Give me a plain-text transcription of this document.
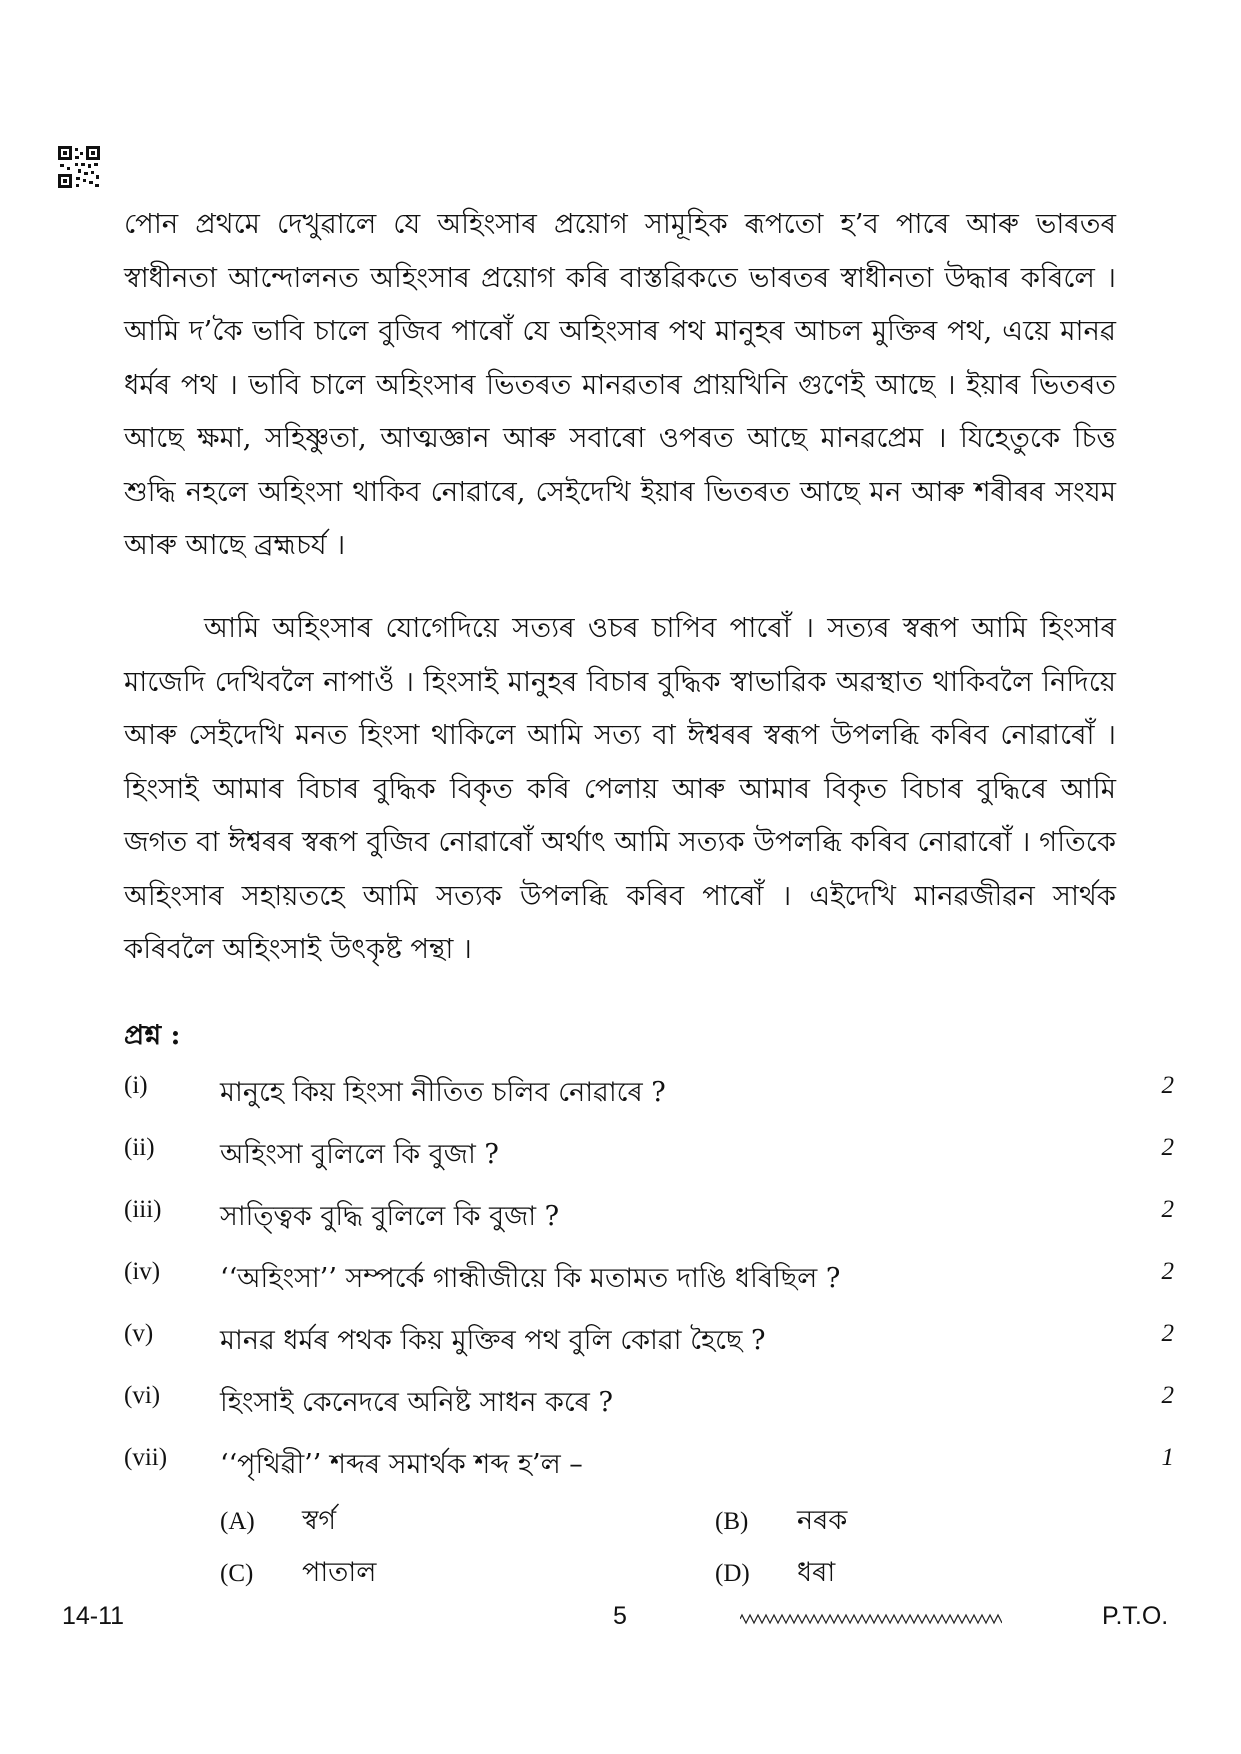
পোন প্ৰথমে দেখুৱালে যে অহিংসাৰ প্ৰয়োগ সামূহিক ৰূপতো হ’ব পাৰে আৰু ভাৰতৰ স্বাধীনতা আন্দোলনত অহিংসাৰ প্ৰয়োগ কৰি বাস্তৱিকতে ভাৰতৰ স্বাধীনতা উদ্ধাৰ কৰিলে । আমি দ’কৈ ভাবি চালে বুজিব পাৰোঁ যে অহিংসাৰ পথ মানুহৰ আচল মুক্তিৰ পথ, এয়ে মানৱ ধৰ্মৰ পথ । ভাবি চালে অহিংসাৰ ভিতৰত মানৱতাৰ প্ৰায়খিনি গুণেই আছে । ইয়াৰ ভিতৰত আছে ক্ষমা, সহিষ্ণুতা, আত্মজ্ঞান আৰু সবাৰো ওপৰত আছে মানৱপ্ৰেম । যিহেতুকে চিত্ত শুদ্ধি নহলে অহিংসা থাকিব নোৱাৰে, সেইদেখি ইয়াৰ ভিতৰত আছে মন আৰু শৰীৰৰ সংযম আৰু আছে ব্ৰহ্মচৰ্য ।

আমি অহিংসাৰ যোগেদিয়ে সত্যৰ ওচৰ চাপিব পাৰোঁ । সত্যৰ স্বৰূপ আমি হিংসাৰ মাজেদি দেখিবলৈ নাপাওঁ । হিংসাই মানুহৰ বিচাৰ বুদ্ধিক স্বাভাৱিক অৱস্থাত থাকিবলৈ নিদিয়ে আৰু সেইদেখি মনত হিংসা থাকিলে আমি সত্য বা ঈশ্বৰৰ স্বৰূপ উপলব্ধি কৰিব নোৱাৰোঁ । হিংসাই আমাৰ বিচাৰ বুদ্ধিক বিকৃত কৰি পেলায় আৰু আমাৰ বিকৃত বিচাৰ বুদ্ধিৰে আমি জগত বা ঈশ্বৰৰ স্বৰূপ বুজিব নোৱাৰোঁ অৰ্থাৎ আমি সত্যক উপলব্ধি কৰিব নোৱাৰোঁ । গতিকে অহিংসাৰ সহায়তহে আমি সত্যক উপলব্ধি কৰিব পাৰোঁ । এইদেখি মানৱজীৱন সাৰ্থক কৰিবলৈ অহিংসাই উৎকৃষ্ট পন্থা ।

প্ৰশ্ন :
(i)	মানুহে কিয় হিংসা নীতিত চলিব নোৱাৰে ?	2
(ii) অহিংসা বুলিলে কি বুজা ?	2
(iii) সাত্ত্বিক বুদ্ধি বুলিলে কি বুজা ?	2
(iv) ‘‘অহিংসা’’ সম্পৰ্কে গান্ধীজীয়ে কি মতামত দাঙি ধৰিছিল ?	2
(v) মানৱ ধৰ্মৰ পথক কিয় মুক্তিৰ পথ বুলি কোৱা হৈছে ?	2
(vi) হিংসাই কেনেদৰে অনিষ্ট সাধন কৰে ?	2
(vii) ‘‘পৃথিৱী’’ শব্দৰ সমাৰ্থক শব্দ হ’ল –	1
(A) স্বৰ্গ	(B) নৰক
(C) পাতাল	(D) ধৰা
14-11	5	P.T.O.
